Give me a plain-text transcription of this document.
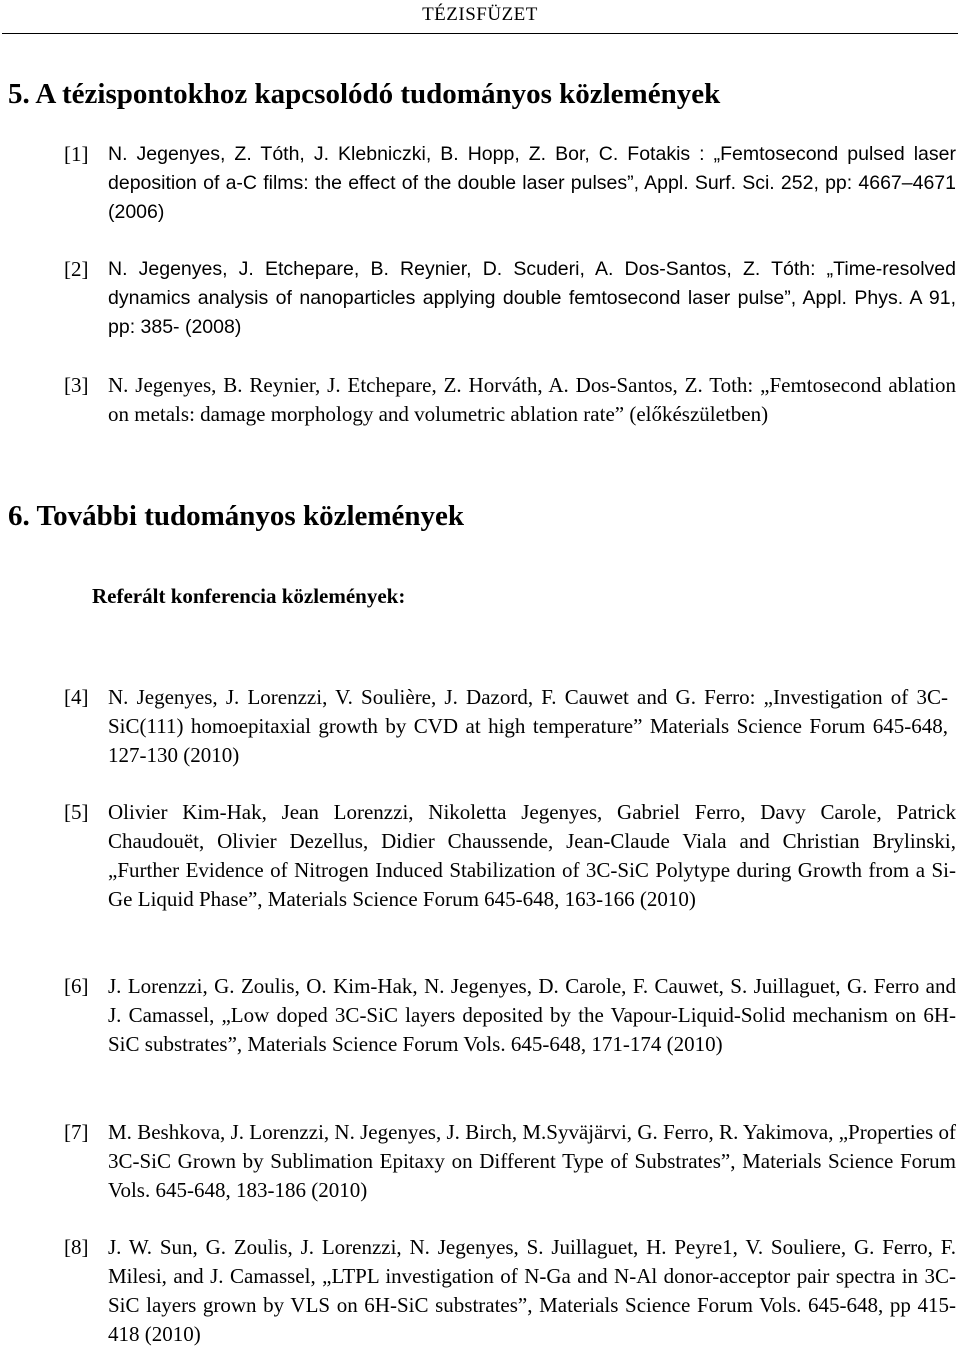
TÉZISFÜZET
5. A tézispontokhoz kapcsolódó tudományos közlemények
[1] N. Jegenyes, Z. Tóth, J. Klebniczki, B. Hopp, Z. Bor, C. Fotakis : „Femtosecond pulsed laser deposition of a-C films: the effect of the double laser pulses”, Appl. Surf. Sci. 252, pp: 4667–4671 (2006)
[2] N. Jegenyes, J. Etchepare, B. Reynier, D. Scuderi, A. Dos-Santos, Z. Tóth: „Time-resolved dynamics analysis of nanoparticles applying double femtosecond laser pulse”, Appl. Phys. A 91, pp: 385- (2008)
[3] N. Jegenyes, B. Reynier, J. Etchepare, Z. Horváth, A. Dos-Santos, Z. Toth: „Femtosecond ablation on metals: damage morphology and volumetric ablation rate” (előkészületben)
6. További tudományos közlemények
Referált konferencia közlemények:
[4] N. Jegenyes, J. Lorenzzi, V. Soulière, J. Dazord, F. Cauwet and G. Ferro: „Investigation of 3C-SiC(111) homoepitaxial growth by CVD at high temperature” Materials Science Forum 645-648, 127-130 (2010)
[5] Olivier Kim-Hak, Jean Lorenzzi, Nikoletta Jegenyes, Gabriel Ferro, Davy Carole, Patrick Chaudouët, Olivier Dezellus, Didier Chaussende, Jean-Claude Viala and Christian Brylinski, „Further Evidence of Nitrogen Induced Stabilization of 3C-SiC Polytype during Growth from a Si-Ge Liquid Phase”, Materials Science Forum 645-648, 163-166 (2010)
[6] J. Lorenzzi, G. Zoulis, O. Kim-Hak, N. Jegenyes, D. Carole, F. Cauwet, S. Juillaguet, G. Ferro and J. Camassel, „Low doped 3C-SiC layers deposited by the Vapour-Liquid-Solid mechanism on 6H-SiC substrates”, Materials Science Forum Vols. 645-648, 171-174 (2010)
[7] M. Beshkova, J. Lorenzzi, N. Jegenyes, J. Birch, M.Syväjärvi, G. Ferro, R. Yakimova, „Properties of 3C-SiC Grown by Sublimation Epitaxy on Different Type of Substrates”, Materials Science Forum Vols. 645-648, 183-186 (2010)
[8] J. W. Sun, G. Zoulis, J. Lorenzzi, N. Jegenyes, S. Juillaguet, H. Peyre1, V. Souliere, G. Ferro, F. Milesi, and J. Camassel, „LTPL investigation of N-Ga and N-Al donor-acceptor pair spectra in 3C-SiC layers grown by VLS on 6H-SiC substrates”, Materials Science Forum Vols. 645-648, pp 415-418 (2010)
